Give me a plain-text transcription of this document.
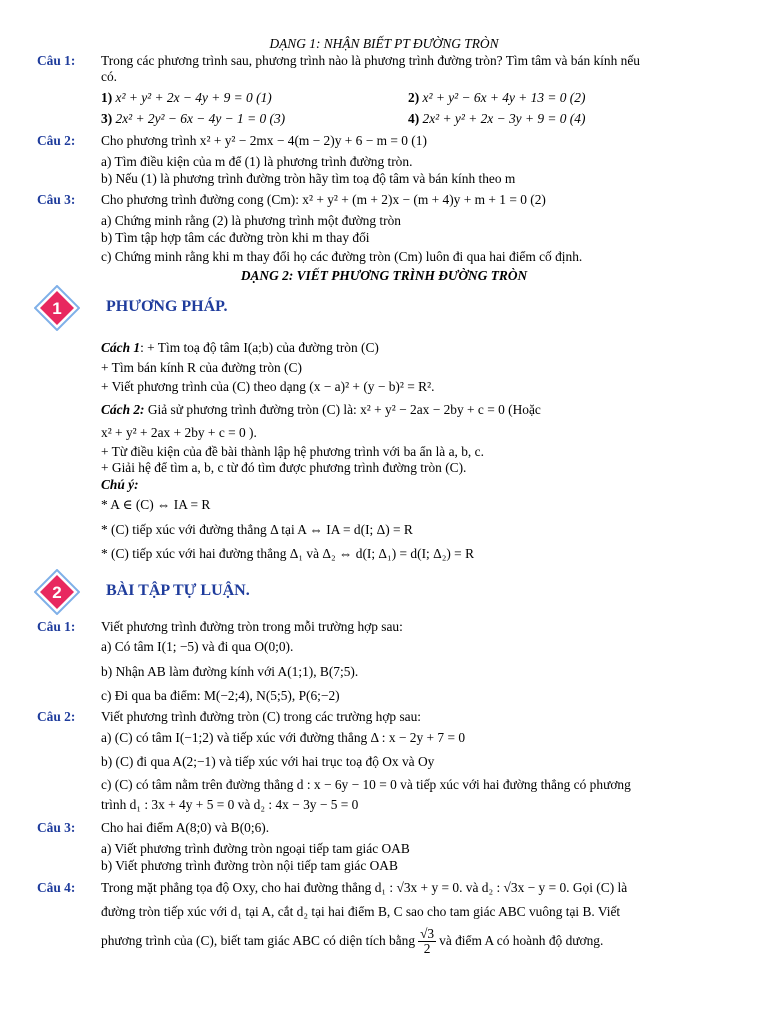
DẠNG 1: NHẬN BIẾT PT ĐƯỜNG TRÒN
Câu 1: Trong các phương trình sau, phương trình nào là phương trình đường tròn? Tìm tâm và bán kính nếu
có.
1) x² + y² + 2x − 4y + 9 = 0 (1)	2) x² + y² − 6x + 4y + 13 = 0 (2)
3) 2x² + 2y² − 6x − 4y − 1 = 0 (3)	4) 2x² + y² + 2x − 3y + 9 = 0 (4)
Câu 2: Cho phương trình x² + y² − 2mx − 4(m − 2)y + 6 − m = 0 (1)
a) Tìm điều kiện của m để (1) là phương trình đường tròn.
b) Nếu (1) là phương trình đường tròn hãy tìm toạ độ tâm và bán kính theo m
Câu 3: Cho phương trình đường cong (Cm): x² + y² + (m + 2)x − (m + 4)y + m + 1 = 0 (2)
a) Chứng minh rằng (2) là phương trình một đường tròn
b) Tìm tập hợp tâm các đường tròn khi m thay đổi
c) Chứng minh rằng khi m thay đổi họ các đường tròn (Cm) luôn đi qua hai điểm cố định.
DẠNG 2: VIẾT PHƯƠNG TRÌNH ĐƯỜNG TRÒN
1	PHƯƠNG PHÁP.
Cách 1: + Tìm toạ độ tâm I(a;b) của đường tròn (C)
+ Tìm bán kính R của đường tròn (C)
+ Viết phương trình của (C) theo dạng (x − a)² + (y − b)² = R².
Cách 2: Giả sử phương trình đường tròn (C) là: x² + y² − 2ax − 2by + c = 0 (Hoặc
x² + y² + 2ax + 2by + c = 0 ).
+ Từ điều kiện của đề bài thành lập hệ phương trình với ba ẩn là a, b, c.
+ Giải hệ để tìm a, b, c từ đó tìm được phương trình đường tròn (C).
Chú ý:
* A ∈ (C) ⇔ IA = R
* (C) tiếp xúc với đường thẳng Δ tại A ⇔ IA = d(I; Δ) = R
* (C) tiếp xúc với hai đường thẳng Δ₁ và Δ₂ ⇔ d(I; Δ₁) = d(I; Δ₂) = R
2	BÀI TẬP TỰ LUẬN.
Câu 1: Viết phương trình đường tròn trong mỗi trường hợp sau:
a) Có tâm I(1; −5) và đi qua O(0;0).
b) Nhận AB làm đường kính với A(1;1), B(7;5).
c) Đi qua ba điểm: M(−2;4), N(5;5), P(6;−2)
Câu 2: Viết phương trình đường tròn (C) trong các trường hợp sau:
a) (C) có tâm I(−1;2) và tiếp xúc với đường thẳng Δ : x − 2y + 7 = 0
b) (C) đi qua A(2;−1) và tiếp xúc với hai trục toạ độ Ox và Oy
c) (C) có tâm nằm trên đường thẳng d : x − 6y − 10 = 0 và tiếp xúc với hai đường thẳng có phương
trình d₁ : 3x + 4y + 5 = 0 và d₂ : 4x − 3y − 5 = 0
Câu 3: Cho hai điểm A(8;0) và B(0;6).
a) Viết phương trình đường tròn ngoại tiếp tam giác OAB
b) Viết phương trình đường tròn nội tiếp tam giác OAB
Câu 4: Trong mặt phẳng tọa độ Oxy, cho hai đường thẳng d₁ : √3x + y = 0. và d₂ : √3x − y = 0. Gọi (C) là
đường tròn tiếp xúc với d₁ tại A, cắt d₂ tại hai điểm B, C sao cho tam giác ABC vuông tại B. Viết
phương trình của (C), biết tam giác ABC có diện tích bằng $\frac{√3}{2}$ và điểm A có hoành độ dương.
